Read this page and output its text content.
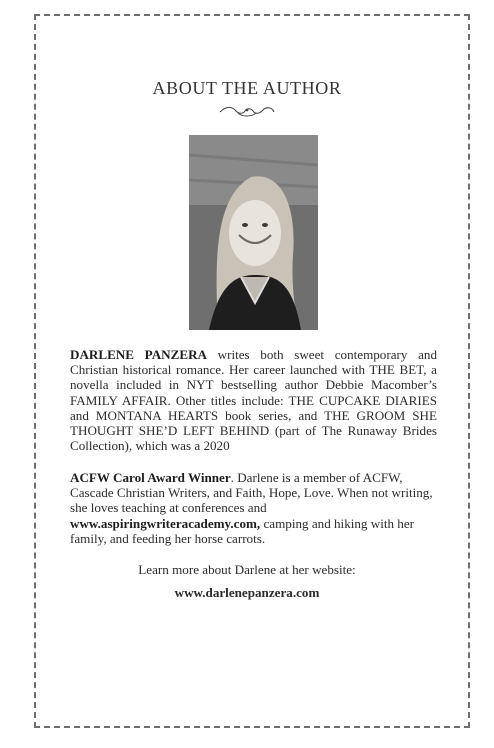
ABOUT THE AUTHOR

DARLENE PANZERA writes both sweet contemporary and Christian historical romance. Her career launched with THE BET, a novella included in NYT bestselling author Debbie Macomber’s FAMILY AFFAIR. Other titles include: THE CUPCAKE DIARIES and MONTANA HEARTS book series, and THE GROOM SHE THOUGHT SHE’D LEFT BEHIND (part of The Runaway Brides Collection), which was a 2020

ACFW Carol Award Winner. Darlene is a member of ACFW, Cascade Christian Writers, and Faith, Hope, Love. When not writing, she loves teaching at conferences and www.aspiringwriteracademy.com, camping and hiking with her family, and feeding her horse carrots.

Learn more about Darlene at her website:
www.darlenepanzera.com
